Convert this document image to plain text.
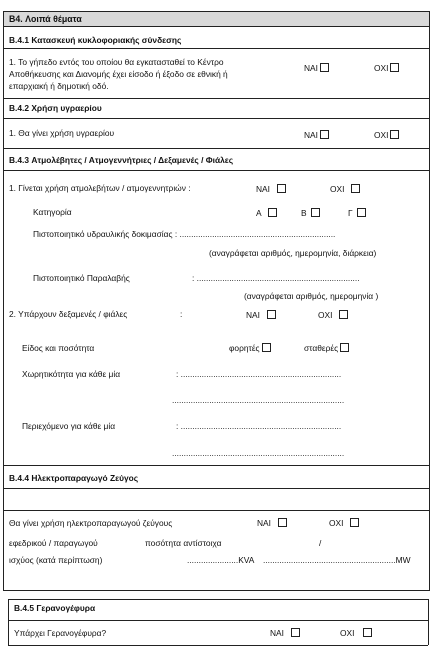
B4. Λοιπά θέματα
B.4.1 Κατασκευή κυκλοφοριακής σύνδεσης
1. Το γήπεδο εντός του οποίου θα εγκατασταθεί το Κέντρο
Αποθήκευσης και Διανομής έχει είσοδο ή έξοδο σε εθνική ή
επαρχιακή ή δημοτική οδό.
ΝΑΙ	ΟΧΙ
B.4.2 Χρήση υγραερίου
1. Θα γίνει χρήση υγραερίου	ΝΑΙ	ΟΧΙ
B.4.3 Ατμολέβητες / Ατμογεννήτριες / Δεξαμενές / Φιάλες
1. Γίνεται χρήση ατμολεβήτων / ατμογεννητριών :	ΝΑΙ	ΟΧΙ
Κατηγορία	Α	Β	Γ
Πιστοποιητικό υδραυλικής δοκιμασίας : ...................................................................
(αναγράφεται αριθμός, ημερομηνία, διάρκεια)
Πιστοποιητικό Παραλαβής	: ......................................................................
(αναγράφεται αριθμός, ημερομηνία )
2. Υπάρχουν δεξαμενές / φιάλες	:	ΝΑΙ	ΟΧΙ
Είδος και ποσότητα	φορητές	σταθερές
Χωρητικότητα για κάθε μία	: .....................................................................
..........................................................................
Περιεχόμενο για κάθε μία	: .....................................................................
..........................................................................
B.4.4 Ηλεκτροπαραγωγό Ζεύγος
Θα γίνει χρήση ηλεκτροπαραγωγού ζεύγους	ΝΑΙ	ΟΧΙ
εφεδρικού / παραγωγού	ποσότητα αντίστοιχα	/
ισχύος (κατά περίπτωση)	......................KVA .........................................................MW
B.4.5 Γερανογέφυρα
Υπάρχει Γερανογέφυρα?	ΝΑΙ	ΟΧΙ
